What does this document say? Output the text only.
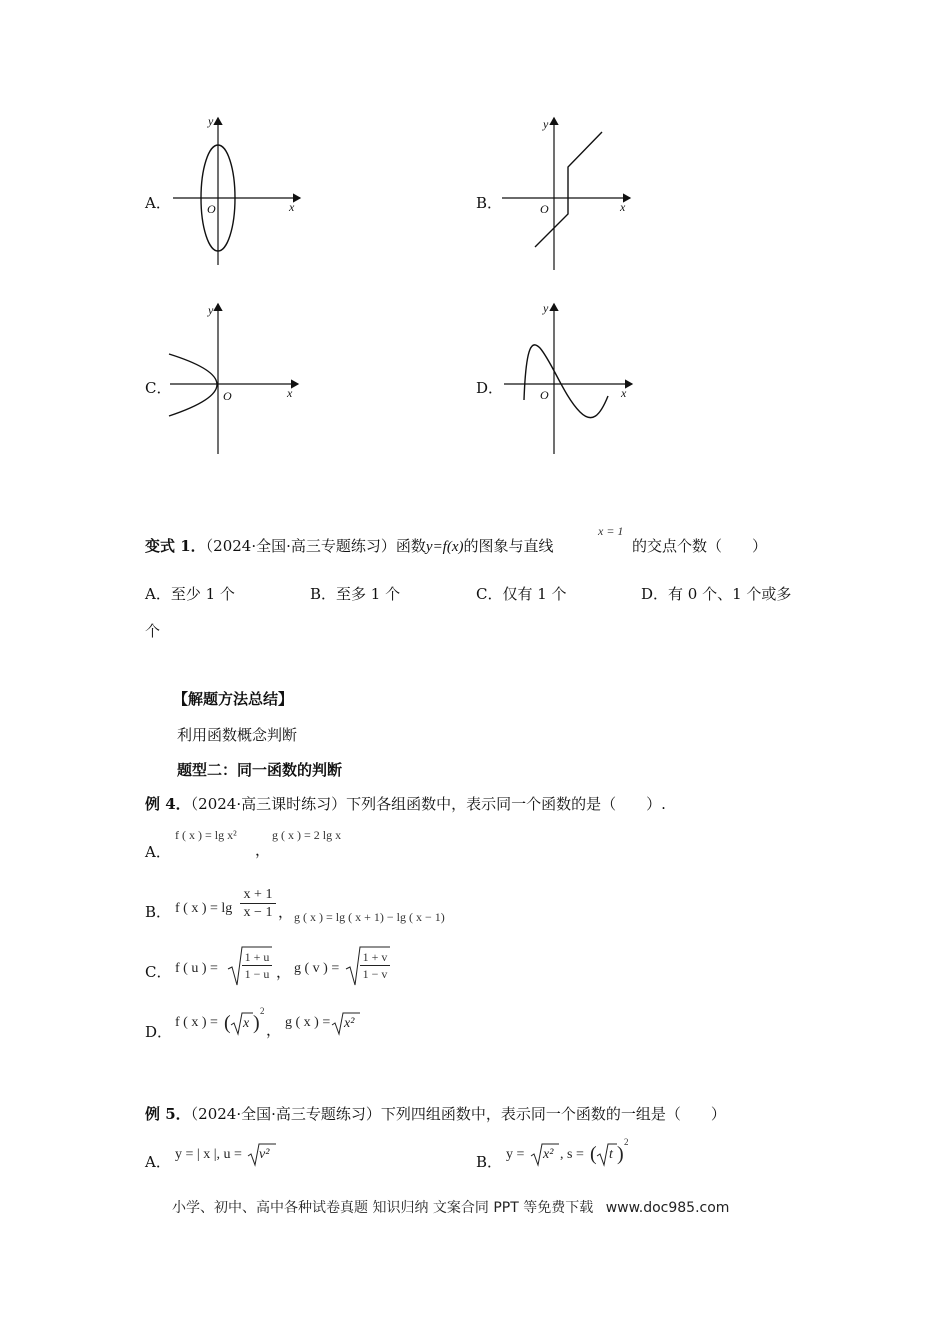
A．
y
x
O	B．
y
x
O
C．
y
x
O	D．
y
x
O
变式 1．（2024·全国·高三专题练习）函数y=f(x)的图象与直线
x = 1
的交点个数（　　）
A．至少 1 个	B．至多 1 个	C．仅有 1 个	D．有 0 个、1 个或多
个
【解题方法总结】
利用函数概念判断
题型二：同一函数的判断
例 4．（2024·高三课时练习）下列各组函数中，表示同一个函数的是（　　）.
A．
f ( x ) = lg x²
，
g ( x ) = 2 lg x
B． f ( x ) = lg
x + 1
x − 1 ， g ( x ) = lg ( x + 1) − lg ( x − 1)
C． f ( u ) =
1 + u
1 − u ， g ( v ) =
1 + v
1 − v
D．
f ( x ) = ( x )
2
， g ( x ) = x²
例 5．（2024·全国·高三专题练习）下列四组函数中，表示同一个函数的一组是（　　）
A． y = | x |, u = v²	B． y = x² , s = ( t )
2
小学、初中、高中各种试卷真题 知识归纳 文案合同 PPT 等免费下载 www.doc985.com
